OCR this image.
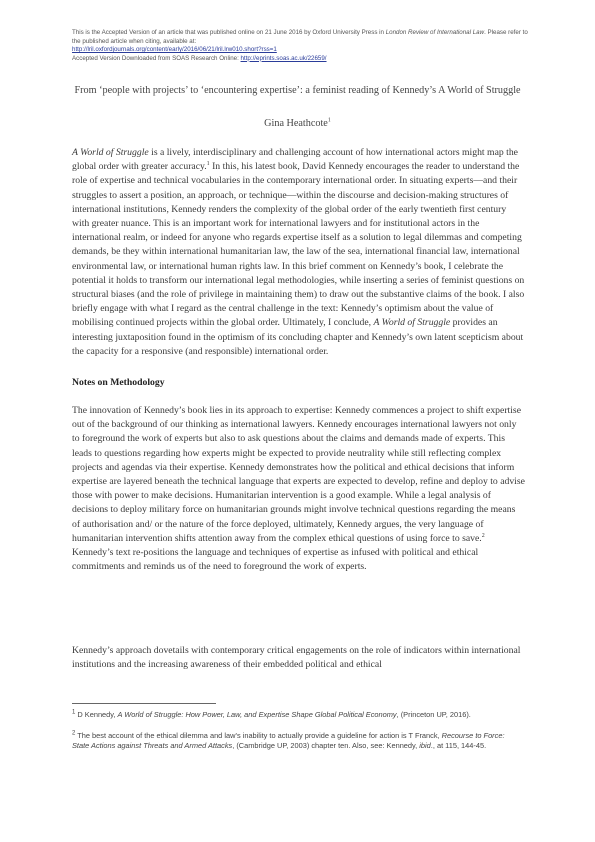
This is the Accepted Version of an article that was published online on 21 June 2016 by Oxford University Press in London Review of International Law. Please refer to the published article when citing, available at:
http://lril.oxfordjournals.org/content/early/2016/06/21/lril.lrw010.short?rss=1
Accepted Version Downloaded from SOAS Research Online: http://eprints.soas.ac.uk/22659/
From ‘people with projects’ to ‘encountering expertise’: a feminist reading of Kennedy’s A World of Struggle
Gina Heathcote$^1$
A World of Struggle is a lively, interdisciplinary and challenging account of how international actors might map the global order with greater accuracy.$^1$ In this, his latest book, David Kennedy encourages the reader to understand the role of expertise and technical vocabularies in the contemporary international order. In situating experts—and their struggles to assert a position, an approach, or technique—within the discourse and decision-making structures of international institutions, Kennedy renders the complexity of the global order of the early twentieth first century with greater nuance. This is an important work for international lawyers and for institutional actors in the international realm, or indeed for anyone who regards expertise itself as a solution to legal dilemmas and competing demands, be they within international humanitarian law, the law of the sea, international financial law, international environmental law, or international human rights law. In this brief comment on Kennedy’s book, I celebrate the potential it holds to transform our international legal methodologies, while inserting a series of feminist questions on structural biases (and the role of privilege in maintaining them) to draw out the substantive claims of the book. I also briefly engage with what I regard as the central challenge in the text: Kennedy’s optimism about the value of mobilising continued projects within the global order. Ultimately, I conclude, A World of Struggle provides an interesting juxtaposition found in the optimism of its concluding chapter and Kennedy’s own latent scepticism about the capacity for a responsive (and responsible) international order.
Notes on Methodology
The innovation of Kennedy’s book lies in its approach to expertise: Kennedy commences a project to shift expertise out of the background of our thinking as international lawyers. Kennedy encourages international lawyers not only to foreground the work of experts but also to ask questions about the claims and demands made of experts. This leads to questions regarding how experts might be expected to provide neutrality while still reflecting complex projects and agendas via their expertise. Kennedy demonstrates how the political and ethical decisions that inform expertise are layered beneath the technical language that experts are expected to develop, refine and deploy to advise those with power to make decisions. Humanitarian intervention is a good example. While a legal analysis of decisions to deploy military force on humanitarian grounds might involve technical questions regarding the means of authorisation and/ or the nature of the force deployed, ultimately, Kennedy argues, the very language of humanitarian intervention shifts attention away from the complex ethical questions of using force to save.$^2$ Kennedy’s text re-positions the language and techniques of expertise as infused with political and ethical commitments and reminds us of the need to foreground the work of experts.
Kennedy’s approach dovetails with contemporary critical engagements on the role of indicators within international institutions and the increasing awareness of their embedded political and ethical
$^1$ D Kennedy, A World of Struggle: How Power, Law, and Expertise Shape Global Political Economy, (Princeton UP, 2016).
$^2$ The best account of the ethical dilemma and law’s inability to actually provide a guideline for action is T Franck, Recourse to Force: State Actions against Threats and Armed Attacks, (Cambridge UP, 2003) chapter ten. Also, see: Kennedy, ibid., at 115, 144-45.
